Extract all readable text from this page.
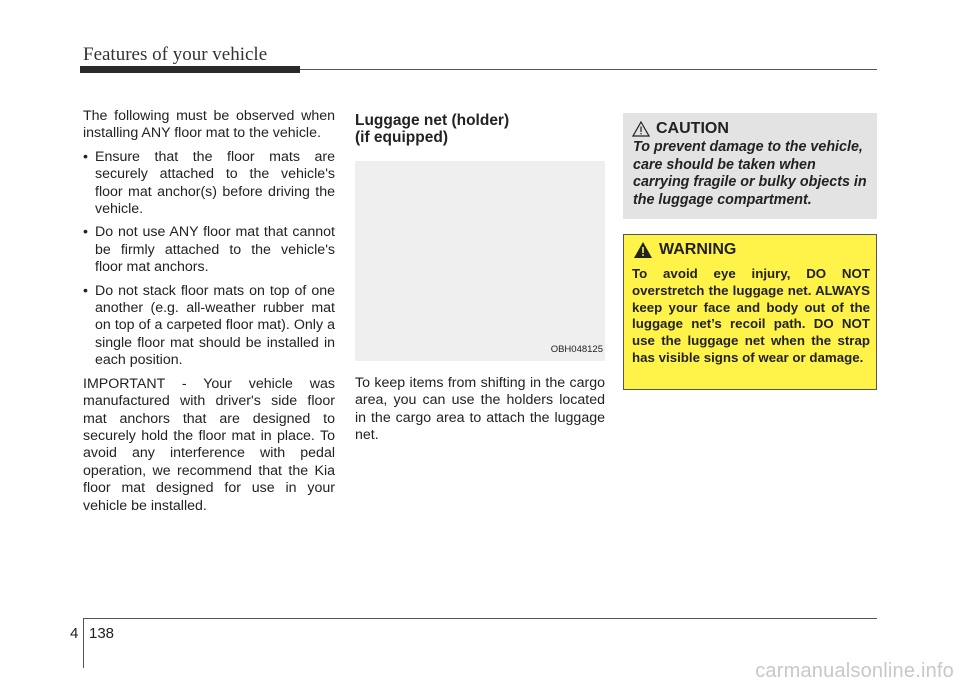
Features of your vehicle

The following must be observed when installing ANY floor mat to the vehicle.

• Ensure that the floor mats are securely attached to the vehicle's floor mat anchor(s) before driving the vehicle.
• Do not use ANY floor mat that cannot be firmly attached to the vehicle's floor mat anchors.
• Do not stack floor mats on top of one another (e.g. all-weather rubber mat on top of a carpeted floor mat). Only a single floor mat should be installed in each position.

IMPORTANT - Your vehicle was manufactured with driver's side floor mat anchors that are designed to securely hold the floor mat in place. To avoid any interference with pedal operation, we recommend that the Kia floor mat designed for use in your vehicle be installed.

Luggage net (holder)
(if equipped)
OBH048125
To keep items from shifting in the cargo area, you can use the holders located in the cargo area to attach the luggage net.
CAUTION
To prevent damage to the vehicle, care should be taken when carrying fragile or bulky objects in the luggage compartment.
WARNING
To avoid eye injury, DO NOT overstretch the luggage net. ALWAYS keep your face and body out of the luggage net’s recoil path. DO NOT use the luggage net when the strap has visible signs of wear or damage.
4 138
carmanualsonline.info
